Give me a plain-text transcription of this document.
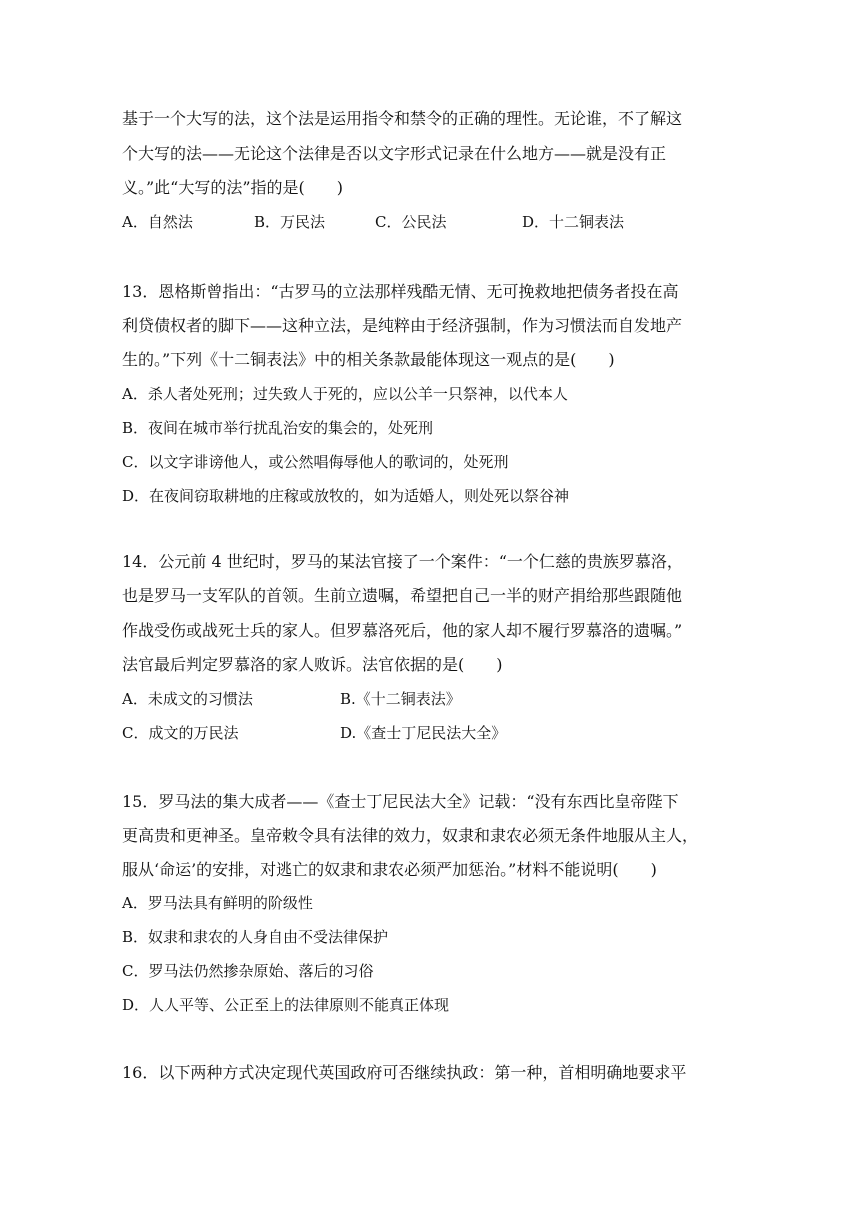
基于一个大写的法，这个法是运用指令和禁令的正确的理性。无论谁，不了解这
个大写的法——无论这个法律是否以文字形式记录在什么地方——就是没有正
义。”此“大写的法”指的是(　　)
A．自然法	B．万民法	C．公民法	D．十二铜表法
13．恩格斯曾指出：“古罗马的立法那样残酷无情、无可挽救地把债务者投在高
利贷债权者的脚下——这种立法，是纯粹由于经济强制，作为习惯法而自发地产
生的。”下列《十二铜表法》中的相关条款最能体现这一观点的是(　　)
A．杀人者处死刑；过失致人于死的，应以公羊一只祭神，以代本人
B．夜间在城市举行扰乱治安的集会的，处死刑
C．以文字诽谤他人，或公然唱侮辱他人的歌词的，处死刑
D．在夜间窃取耕地的庄稼或放牧的，如为适婚人，则处死以祭谷神
14．公元前 4 世纪时，罗马的某法官接了一个案件：“一个仁慈的贵族罗慕洛，
也是罗马一支军队的首领。生前立遗嘱，希望把自己一半的财产捐给那些跟随他
作战受伤或战死士兵的家人。但罗慕洛死后，他的家人却不履行罗慕洛的遗嘱。”
法官最后判定罗慕洛的家人败诉。法官依据的是(　　)
A．未成文的习惯法	B.《十二铜表法》
C．成文的万民法	D.《查士丁尼民法大全》
15．罗马法的集大成者——《查士丁尼民法大全》记载：“没有东西比皇帝陛下
更高贵和更神圣。皇帝敕令具有法律的效力，奴隶和隶农必须无条件地服从主人，
服从‘命运’的安排，对逃亡的奴隶和隶农必须严加惩治。”材料不能说明(　　)
A．罗马法具有鲜明的阶级性
B．奴隶和隶农的人身自由不受法律保护
C．罗马法仍然掺杂原始、落后的习俗
D．人人平等、公正至上的法律原则不能真正体现
16．以下两种方式决定现代英国政府可否继续执政：第一种，首相明确地要求平
